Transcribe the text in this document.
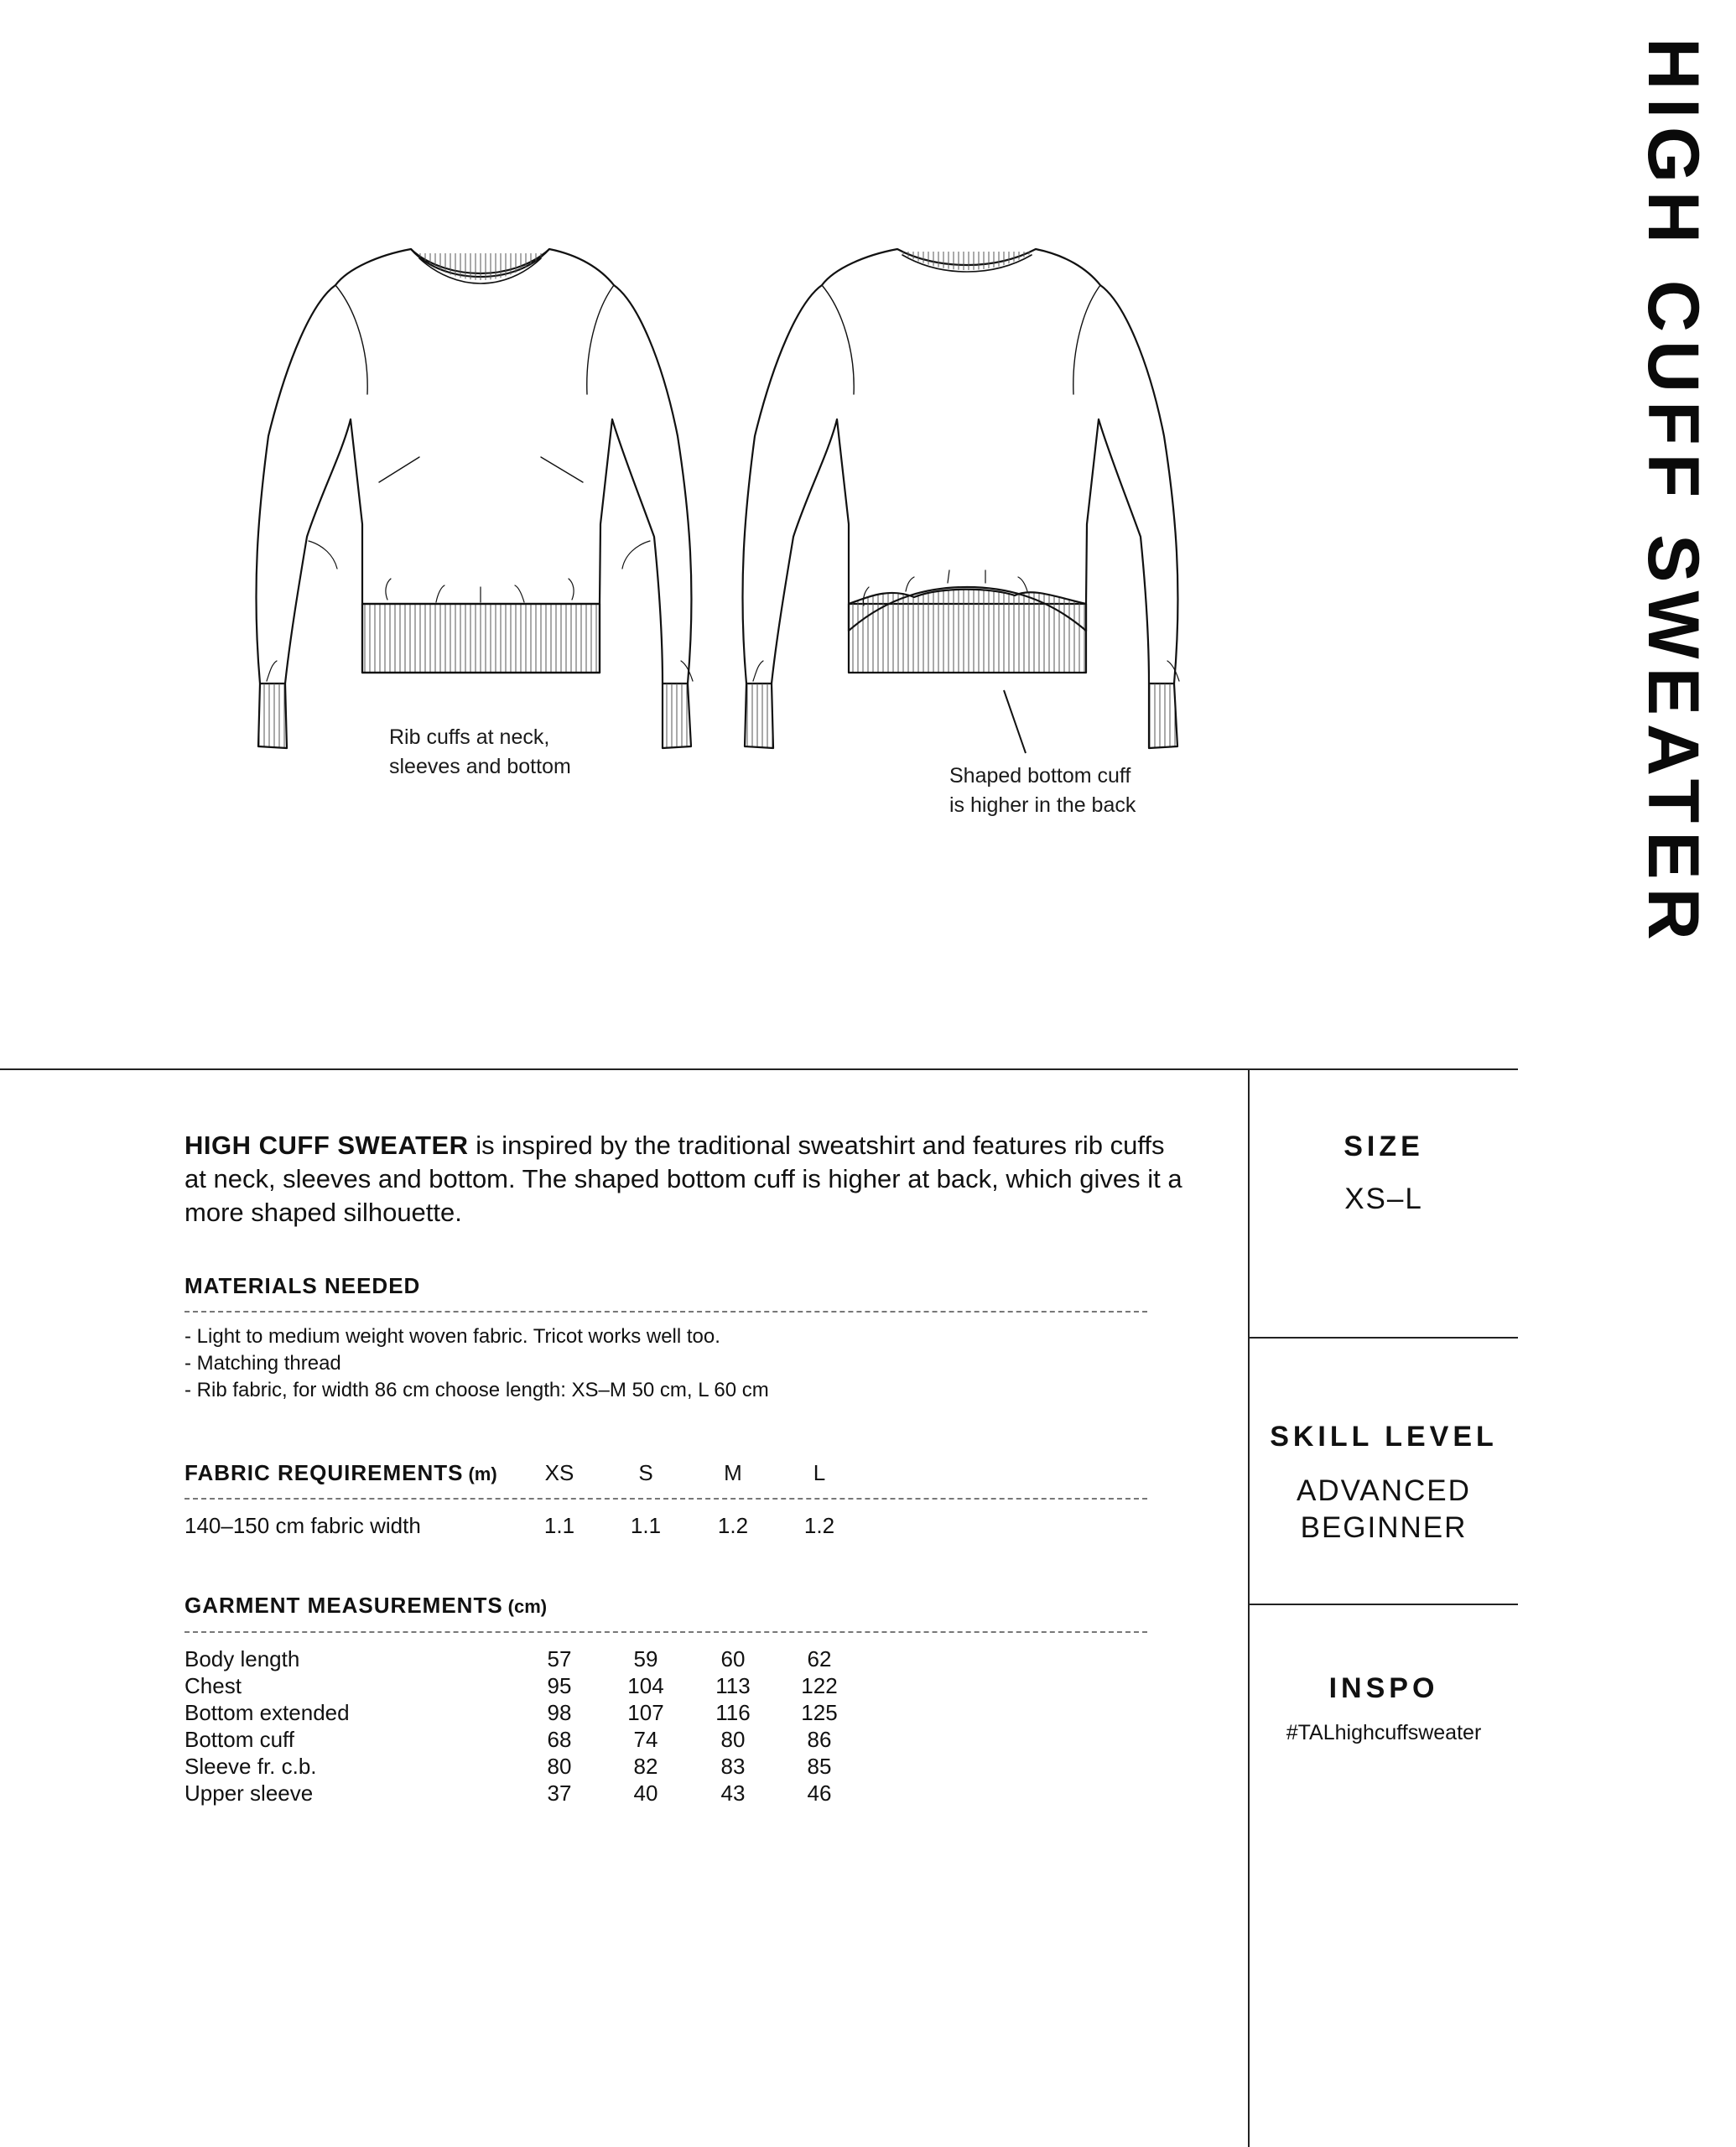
Rib cuffs at neck,
sleeves and bottom	Shaped bottom cuff
is higher in the back	HIGH CUFF SWEATER
HIGH CUFF SWEATER is inspired by the traditional sweatshirt and features rib cuffs at neck, sleeves and bottom. The shaped bottom cuff is higher at back, which gives it a more shaped silhouette.
MATERIALS NEEDED
- Light to medium weight woven fabric. Tricot works well too.
- Matching thread
- Rib fabric, for width 86 cm choose length: XS–M 50 cm, L 60 cm
FABRIC REQUIREMENTS (m)	XS	S	M	L
140–150 cm fabric width	1.1	1.1	1.2	1.2
GARMENT MEASUREMENTS (cm)
Body length	57	59	60	62
Chest	95	104	113	122
Bottom extended	98	107	116	125
Bottom cuff	68	74	80	86
Sleeve fr. c.b.	80	82	83	85
Upper sleeve	37	40	43	46
SIZE
XS–L
SKILL LEVEL
ADVANCED
BEGINNER
INSPO
#TALhighcuffsweater
